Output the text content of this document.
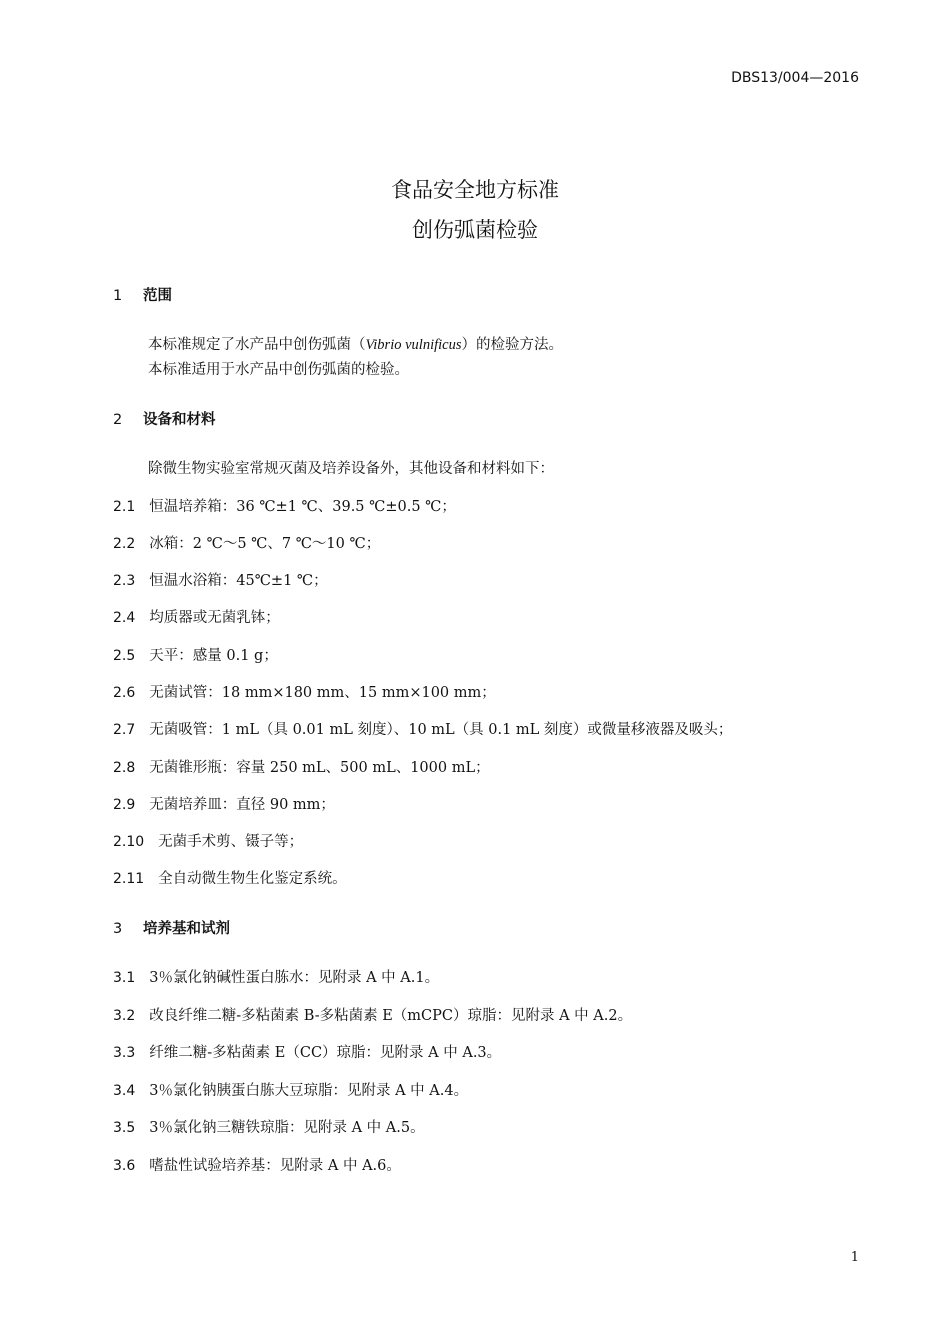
DBS13/004—2016
食品安全地方标准
创伤弧菌检验
1 范围
本标准规定了水产品中创伤弧菌（Vibrio vulnificus）的检验方法。
本标准适用于水产品中创伤弧菌的检验。
2 设备和材料
除微生物实验室常规灭菌及培养设备外，其他设备和材料如下：
2.1 恒温培养箱：36 ℃±1 ℃、39.5 ℃±0.5 ℃；
2.2 冰箱：2 ℃～5 ℃、7 ℃～10 ℃；
2.3 恒温水浴箱：45℃±1 ℃；
2.4 均质器或无菌乳钵；
2.5 天平：感量 0.1 g；
2.6 无菌试管：18 mm×180 mm、15 mm×100 mm；
2.7 无菌吸管：1 mL（具 0.01 mL 刻度）、10 mL（具 0.1 mL 刻度）或微量移液器及吸头；
2.8 无菌锥形瓶：容量 250 mL、500 mL、1000 mL；
2.9 无菌培养皿：直径 90 mm；
2.10 无菌手术剪、镊子等；
2.11 全自动微生物生化鉴定系统。
3 培养基和试剂
3.1 3％氯化钠碱性蛋白胨水：见附录 A 中 A.1。
3.2 改良纤维二糖-多粘菌素 B-多粘菌素 E（mCPC）琼脂：见附录 A 中 A.2。
3.3 纤维二糖-多粘菌素 E（CC）琼脂：见附录 A 中 A.3。
3.4 3％氯化钠胰蛋白胨大豆琼脂：见附录 A 中 A.4。
3.5 3％氯化钠三糖铁琼脂：见附录 A 中 A.5。
3.6 嗜盐性试验培养基：见附录 A 中 A.6。
1
